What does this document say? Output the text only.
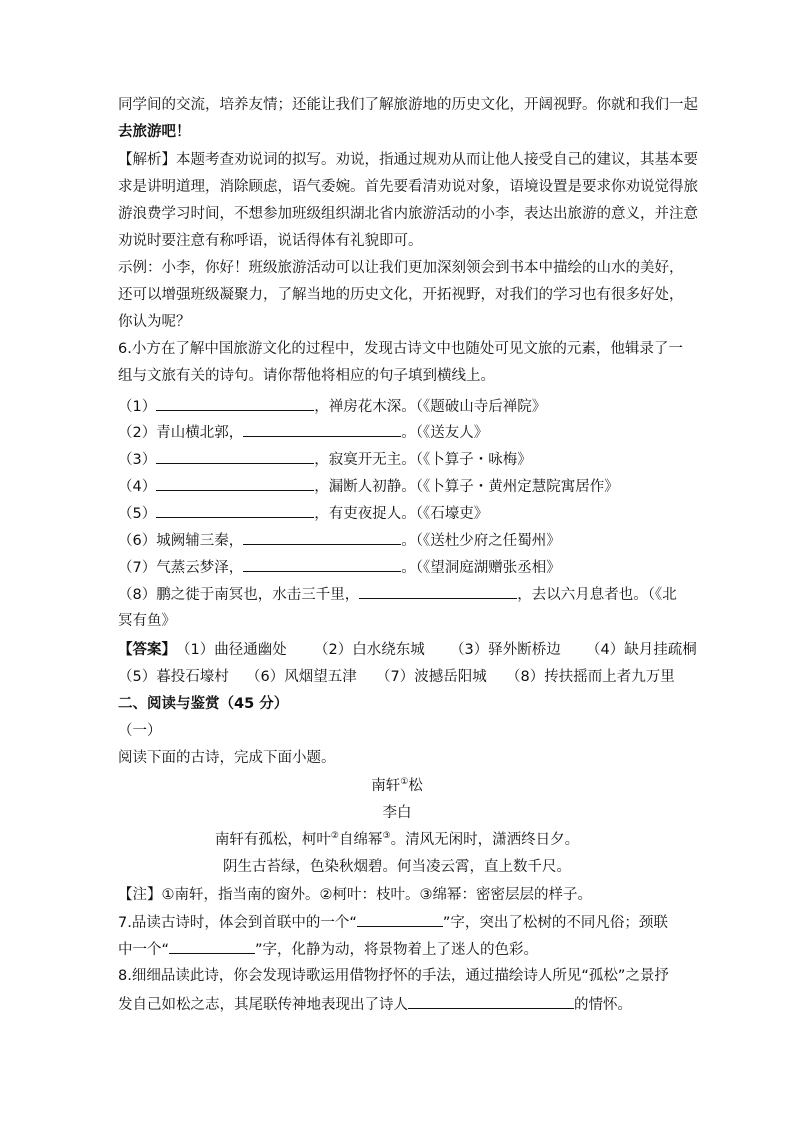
同学间的交流，培养友情；还能让我们了解旅游地的历史文化，开阔视野。你就和我们一起
去旅游吧！
【解析】本题考查劝说词的拟写。劝说，指通过规劝从而让他人接受自己的建议，其基本要
求是讲明道理，消除顾虑，语气委婉。首先要看清劝说对象，语境设置是要求你劝说觉得旅
游浪费学习时间，不想参加班级组织湖北省内旅游活动的小李，表达出旅游的意义，并注意
劝说时要注意有称呼语，说话得体有礼貌即可。
示例：小李，你好！班级旅游活动可以让我们更加深刻领会到书本中描绘的山水的美好，
还可以增强班级凝聚力，了解当地的历史文化，开拓视野，对我们的学习也有很多好处，
你认为呢？
6.小方在了解中国旅游文化的过程中，发现古诗文中也随处可见文旅的元素，他辑录了一
组与文旅有关的诗句。请你帮他将相应的句子填到横线上。
（1）	，禅房花木深。（《题破山寺后禅院》
（2）青山横北郭，	。（《送友人》
（3）	，寂寞开无主。（《卜算子・咏梅》
（4）	，漏断人初静。（《卜算子・黄州定慧院寓居作》
（5）	，有吏夜捉人。（《石壕吏》
（6）城阙辅三秦，	。（《送杜少府之任蜀州》
（7）气蒸云梦泽，	。（《望洞庭湖赠张丞相》
（8）鹏之徙于南冥也，水击三千里，	，去以六月息者也。（《北
冥有鱼》
【答案】（1）曲径通幽处 （2）白水绕东城 （3）驿外断桥边 （4）缺月挂疏桐
（5）暮投石壕村 （6）风烟望五津 （7）波撼岳阳城 （8）抟扶摇而上者九万里
二、阅读与鉴赏（45 分）
（一）
阅读下面的古诗，完成下面小题。
南轩①松
李白
南轩有孤松，柯叶②自绵幂③。清风无闲时，潇洒终日夕。
阴生古苔绿，色染秋烟碧。何当凌云霄，直上数千尺。
【注】①南轩，指当南的窗外。②柯叶：枝叶。③绵幂：密密层层的样子。
7.品读古诗时，体会到首联中的一个“	”字，突出了松树的不同凡俗；颈联
中一个“	”字，化静为动，将景物着上了迷人的色彩。
8.细细品读此诗，你会发现诗歌运用借物抒怀的手法，通过描绘诗人所见“孤松”之景抒
发自己如松之志，其尾联传神地表现出了诗人	的情怀。
